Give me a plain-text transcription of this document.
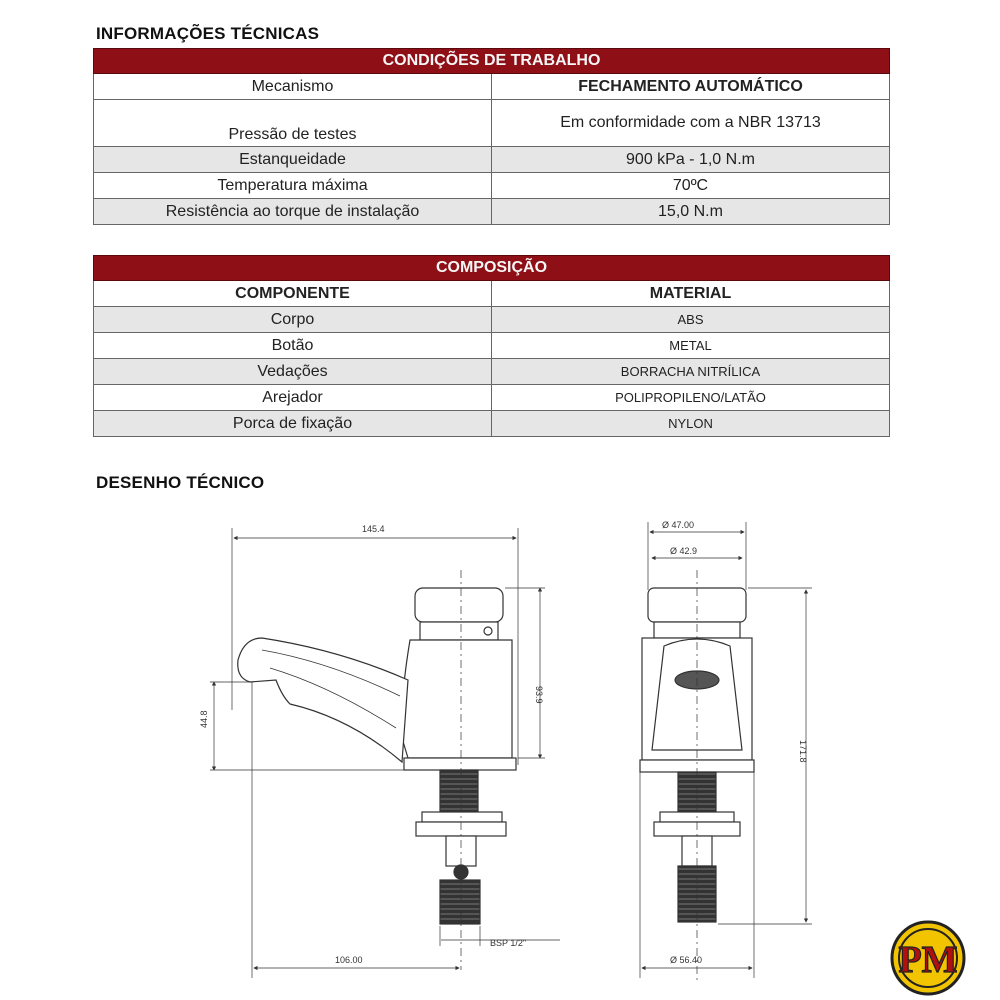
INFORMAÇÕES TÉCNICAS
CONDIÇÕES DE TRABALHO	
Mecanismo	FECHAMENTO AUTOMÁTICO
Pressão de testes	Em conformidade com a NBR 13713
Estanqueidade	900 kPa - 1,0 N.m
Temperatura máxima	70ºC
Resistência ao torque de instalação	15,0 N.m
COMPOSIÇÃO	
COMPONENTE	MATERIAL
Corpo	ABS
Botão	METAL
Vedações	BORRACHA NITRÍLICA
Arejador	POLIPROPILENO/LATÃO
Porca de fixação	NYLON
DESENHO TÉCNICO
145.4
93.9
44.8
106.00
BSP 1/2"
Ø 47.00
Ø 42.9
171.8
Ø 56.40	PM
